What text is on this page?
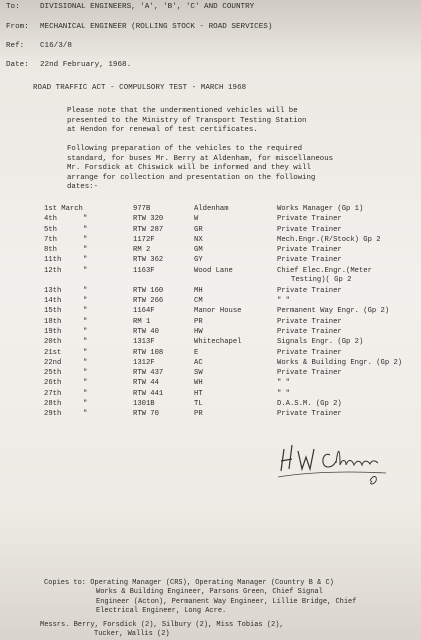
To:	DIVISIONAL ENGINEERS, 'A', 'B', 'C' AND COUNTRY
From: MECHANICAL ENGINEER (ROLLING STOCK - ROAD SERVICES)
Ref: C16/3/8
Date: 22nd February, 1968.
ROAD TRAFFIC ACT - COMPULSORY TEST - MARCH 1968
Please note that the undermentioned vehicles will be
presented to the Ministry of Transport Testing Station
at Hendon for renewal of test certificates.
Following preparation of the vehicles to the required
standard, for buses Mr. Berry at Aldenham, for miscellaneous
Mr. Forsdick at Chiswick will be informed and they will
arrange for collection and presentation on the following
dates:-
1st March	977B	Aldenham	Works Manager (Gp 1)
4th	"	RTW 320	W	Private Trainer
5th	"	RTW 287	GR	Private Trainer
7th	"	1172F	NX	Mech.Engr.(R/Stock) Gp 2
8th	"	RM 2	GM	Private Trainer
11th	"	RTW 362	GY	Private Trainer
12th	"	1163F	Wood Lane	Chief Elec.Engr.(Meter
Testing)( Gp 2
13th	"	RTW 160	MH	Private Trainer
14th	"	RTW 266	CM	" "
15th	"	1164F	Manor House	Permanent Way Engr. (Gp 2)
18th	"	RM 1	PR	Private Trainer
19th	"	RTW 40	HW	Private Trainer
20th	"	1313F	Whitechapel	Signals Engr. (Gp 2)
21st	"	RTW 108	E	Private Trainer
22nd	"	1312F	AC	Works & Building Engr. (Gp 2)
25th	"	RTW 437	SW	Private Trainer
26th	"	RTW 44	WH	" "
27th	"	RTW 441	HT	" "
28th	"	1301B	TL	D.A.S.M. (Gp 2)
29th	"	RTW 70	PR	Private Trainer
Copies to: Operating Manager (CRS), Operating Manager (Country B & C)
Works & Building Engineer, Parsons Green, Chief Signal
Engineer (Acton), Permanent Way Engineer, Lillie Bridge, Chief
Electrical Engineer, Long Acre.
Messrs. Berry, Forsdick (2), Silbury (2), Miss Tobias (2),
Tucker, Wallis (2)
